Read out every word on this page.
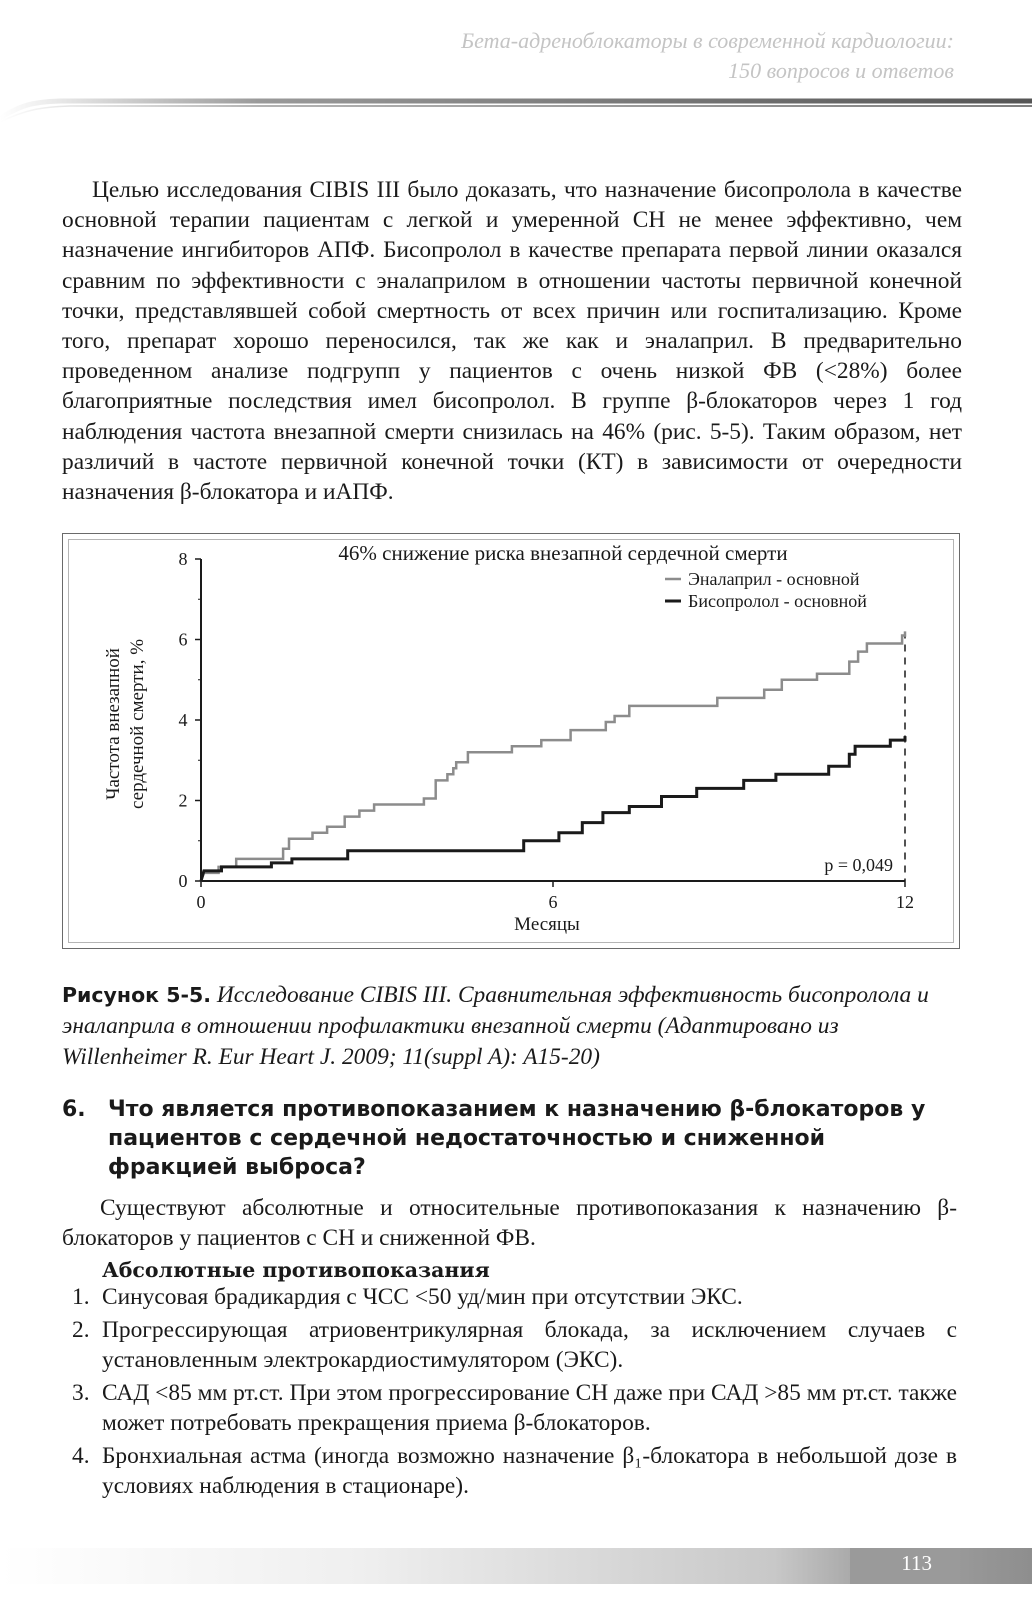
Бета-адреноблокаторы в современной кардиологии:
150 вопросов и ответов

Целью исследования CIBIS III было доказать, что назначение бисопролола в качестве основной терапии пациентам с легкой и умеренной СН не менее эффективно, чем назначение ингибиторов АПФ. Бисопролол в качестве препарата первой линии оказался сравним по эффективности с эналаприлом в отношении частоты первичной конечной точки, представлявшей собой смертность от всех причин или госпитализацию. Кроме того, препарат хорошо переносился, так же как и эналаприл. В предварительно проведенном анализе подгрупп у пациентов с очень низкой ФВ (<28%) более благоприятные последствия имел бисопролол. В группе β-блокаторов через 1 год наблюдения частота внезапной смерти снизилась на 46% (рис. 5-5). Таким образом, нет различий в частоте первичной конечной точки (КТ) в зависимости от очередности назначения β-блокатора и иАПФ.

0
2
4
6
8
0	6	12
46% снижение риска внезапной сердечной смерти
Эналаприл - основной
Бисопролол - основной
Частота внезапной сердечной смерти, %
Месяцы
p = 0,049
Рисунок 5-5. Исследование CIBIS III. Сравнительная эффективность бисопролола и эналаприла в отношении профилактики внезапной смерти (Адаптировано из Willenheimer R. Eur Heart J. 2009; 11(suppl A): A15-20)
6. Что является противопоказанием к назначению β-блокаторов у пациентов с сердечной недостаточностью и сниженной фракцией выброса?
Существуют абсолютные и относительные противопоказания к назначению β-блокаторов у пациентов с СН и сниженной ФВ.
Абсолютные противопоказания
1. Синусовая брадикардия с ЧСС <50 уд/мин при отсутствии ЭКС.
2. Прогрессирующая атриовентрикулярная блокада, за исключением случаев с установленным электрокардиостимулятором (ЭКС).
3. САД <85 мм рт.ст. При этом прогрессирование СН даже при САД >85 мм рт.ст. также может потребовать прекращения приема β-блокаторов.
4. Бронхиальная астма (иногда возможно назначение β₁-блокатора в небольшой дозе в условиях наблюдения в стационаре).
113
